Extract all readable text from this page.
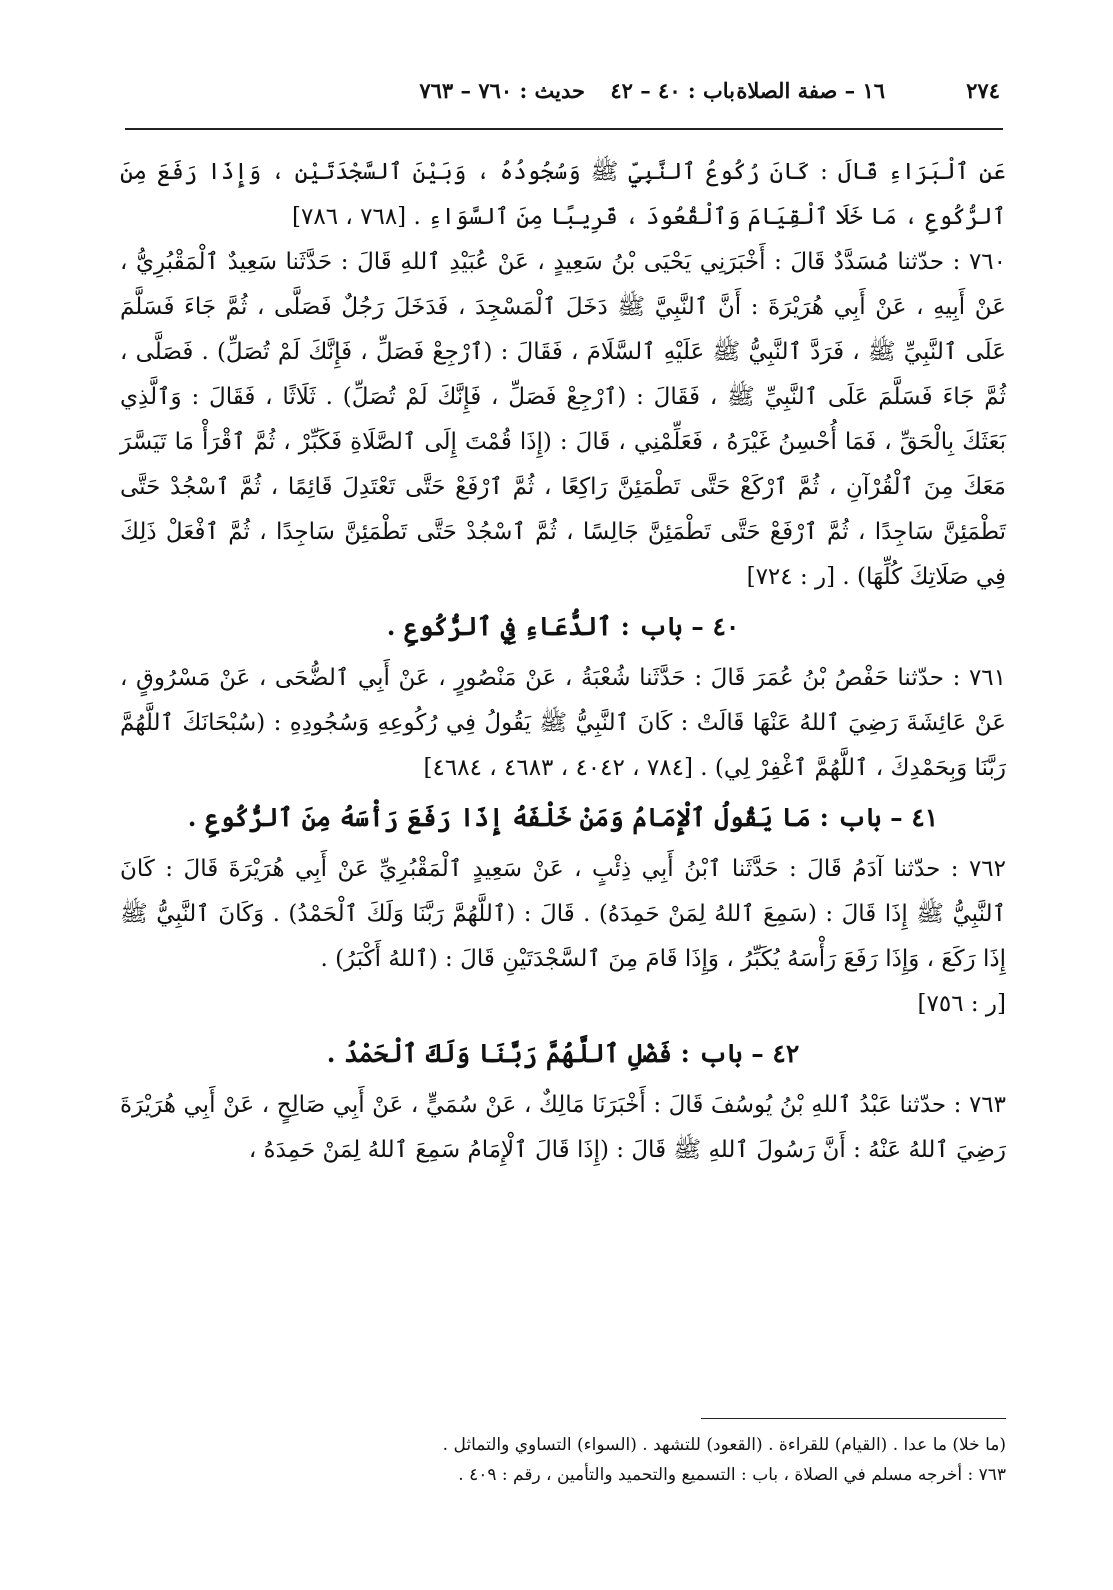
٢٧٤
١٦ – صفة الصلاة
باب : ٤٠ – ٤٢
حديث : ٧٦٠ – ٧٦٣

عَنِ ٱلْبَرَاءِ قَالَ : كَانَ رُكُوعُ ٱلنَّبِيِّ ﷺ وَسُجُودُهُ ، وَبَيْنَ ٱلسَّجْدَتَيْنِ ، وَإِذَا رَفَعَ مِنَ ٱلرُّكُوعِ ، مَا خَلَا ٱلْقِيَامَ وَٱلْقُعُودَ ، قَرِيبًا مِنَ ٱلسَّوَاءِ . [٧٦٨ ، ٧٨٦]

٧٦٠ : حدّثنا مُسَدَّدٌ قَالَ : أَخْبَرَنِي يَحْيَى بْنُ سَعِيدٍ ، عَنْ عُبَيْدِ ٱللهِ قَالَ : حَدَّثَنا سَعِيدٌ ٱلْمَقْبُرِيُّ ، عَنْ أَبِيهِ ، عَنْ أَبِي هُرَيْرَةَ : أَنَّ ٱلنَّبِيَّ ﷺ دَخَلَ ٱلْمَسْجِدَ ، فَدَخَلَ رَجُلٌ فَصَلَّى ، ثُمَّ جَاءَ فَسَلَّمَ عَلَى ٱلنَّبِيِّ ﷺ ، فَرَدَّ ٱلنَّبِيُّ ﷺ عَلَيْهِ ٱلسَّلَامَ ، فَقَالَ : (ٱرْجِعْ فَصَلِّ ، فَإِنَّكَ لَمْ تُصَلِّ) . فَصَلَّى ، ثُمَّ جَاءَ فَسَلَّمَ عَلَى ٱلنَّبِيِّ ﷺ ، فَقَالَ : (ٱرْجِعْ فَصَلِّ ، فَإِنَّكَ لَمْ تُصَلِّ) . ثَلَاثًا ، فَقَالَ : وَٱلَّذِي بَعَثَكَ بِالْحَقِّ ، فَمَا أُحْسِنُ غَيْرَهُ ، فَعَلِّمْنِي ، قَالَ : (إِذَا قُمْتَ إِلَى ٱلصَّلَاةِ فَكَبِّرْ ، ثُمَّ ٱقْرَأْ مَا تَيَسَّرَ مَعَكَ مِنَ ٱلْقُرْآنِ ، ثُمَّ ٱرْكَعْ حَتَّى تَطْمَئِنَّ رَاكِعًا ، ثُمَّ ٱرْفَعْ حَتَّى تَعْتَدِلَ قَائِمًا ، ثُمَّ ٱسْجُدْ حَتَّى تَطْمَئِنَّ سَاجِدًا ، ثُمَّ ٱرْفَعْ حَتَّى تَطْمَئِنَّ جَالِسًا ، ثُمَّ ٱسْجُدْ حَتَّى تَطْمَئِنَّ سَاجِدًا ، ثُمَّ ٱفْعَلْ ذَلِكَ فِي صَلَاتِكَ كُلِّهَا) . [ر : ٧٢٤]

٤٠ – باب : ٱلدُّعَاءِ فِي ٱلرُّكُوعِ .

٧٦١ : حدّثنا حَفْصُ بْنُ عُمَرَ قَالَ : حَدَّثَنا شُعْبَةُ ، عَنْ مَنْصُورٍ ، عَنْ أَبِي ٱلضُّحَى ، عَنْ مَسْرُوقٍ ، عَنْ عَائِشَةَ رَضِيَ ٱللهُ عَنْهَا قَالَتْ : كَانَ ٱلنَّبِيُّ ﷺ يَقُولُ فِي رُكُوعِهِ وَسُجُودِهِ : (سُبْحَانَكَ ٱللَّهُمَّ رَبَّنَا وَبِحَمْدِكَ ، ٱللَّهُمَّ ٱغْفِرْ لِي) . [٧٨٤ ، ٤٠٤٢ ، ٤٦٨٣ ، ٤٦٨٤]

٤١ – باب : مَا يَقُولُ ٱلْإِمَامُ وَمَنْ خَلْفَهُ إِذَا رَفَعَ رَأْسَهُ مِنَ ٱلرُّكُوعِ .

٧٦٢ : حدّثنا آدَمُ قَالَ : حَدَّثَنا ٱبْنُ أَبِي ذِئْبٍ ، عَنْ سَعِيدٍ ٱلْمَقْبُرِيِّ عَنْ أَبِي هُرَيْرَةَ قَالَ : كَانَ ٱلنَّبِيُّ ﷺ إِذَا قَالَ : (سَمِعَ ٱللهُ لِمَنْ حَمِدَهُ) . قَالَ : (ٱللَّهُمَّ رَبَّنَا وَلَكَ ٱلْحَمْدُ) . وَكَانَ ٱلنَّبِيُّ ﷺ إِذَا رَكَعَ ، وَإِذَا رَفَعَ رَأْسَهُ يُكَبِّرُ ، وَإِذَا قَامَ مِنَ ٱلسَّجْدَتَيْنِ قَالَ : (ٱللهُ أَكْبَرُ) .

[ر : ٧٥٦]

٤٢ – باب : فَضْلِ ٱللَّهُمَّ رَبَّنَا وَلَكَ ٱلْحَمْدُ .

٧٦٣ : حدّثنا عَبْدُ ٱللهِ بْنُ يُوسُفَ قَالَ : أَخْبَرَنَا مَالِكٌ ، عَنْ سُمَيٍّ ، عَنْ أَبِي صَالِحٍ ، عَنْ أَبِي هُرَيْرَةَ رَضِيَ ٱللهُ عَنْهُ : أَنَّ رَسُولَ ٱللهِ ﷺ قَالَ : (إِذَا قَالَ ٱلْإِمَامُ سَمِعَ ٱللهُ لِمَنْ حَمِدَهُ ،

(ما خلا) ما عدا . (القيام) للقراءة . (القعود) للتشهد . (السواء) التساوي والتماثل .

٧٦٣ : أخرجه مسلم في الصلاة ، باب : التسميع والتحميد والتأمين ، رقم : ٤٠٩ .
